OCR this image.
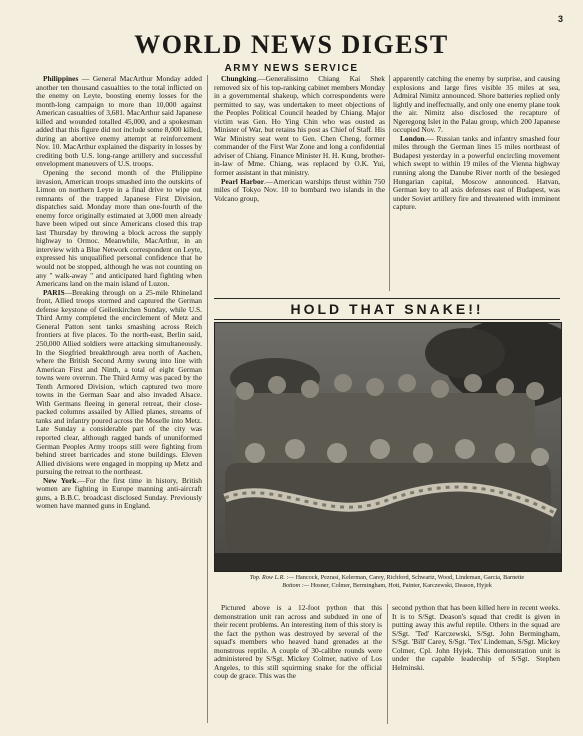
3
WORLD NEWS DIGEST
ARMY NEWS SERVICE

Philippines — General MacArthur Monday added another ten thousand casualties to the total inflicted on the enemy on Leyte, boosting enemy losses for the month-long campaign to more than 10,000 against American casualties of 3,681. MacArthur said Japanese killed and wounded totalled 45,000, and a spokesman added that this figure did not include some 8,000 killed, during an abortive enemy attempt at reinforcement Nov. 10. MacArthur explained the disparity in losses by crediting both U.S. long-range artillery and successful envelopment maneuvers of U.S. troops.

Opening the second month of the Philippine invasion, American troops smashed into the outskirts of Limon on northern Leyte in a final drive to wipe out remnants of the trapped Japanese First Division, dispatches said. Monday more than one-fourth of the enemy force originally estimated at 3,000 men already have been wiped out since Americans closed this trap last Thursday by throwing a block across the supply highway to Ormoc. Meanwhile, MacArthur, in an interview with a Blue Network correspondent on Leyte, expressed his unqualified personal confidence that he would not be stopped, although he was not counting on any " walk-away " and anticipated hard fighting when Americans land on the main island of Luzon.

PARIS—Breaking through on a 25-mile Rhineland front, Allied troops stormed and captured the German defense keystone of Geilenkirchen Sunday, while U.S. Third Army completed the encirclement of Metz and General Patton sent tanks smashing across Reich frontiers at five places. To the north-east, Berlin said, 250,000 Allied soldiers were attacking simultaneously. In the Siegfried breakthrough area north of Aachen, where the British Second Army swung into line with American First and Ninth, a total of eight German towns were overrun. The Third Army was paced by the Tenth Armored Division, which captured two more towns in the German Saar and also invaded Alsace. With Germans fleeing in general retreat, their close-packed columns assailed by Allied planes, streams of tanks and infantry poured across the Moselle into Metz. Late Sunday a considerable part of the city was reported clear, although ragged bands of ununiformed German Peoples Army troops still were fighting from behind street barricades and stone buildings. Eleven Allied divisions were engaged in mopping up Metz and pursuing the retreat to the northeast.

New York.—For the first time in history, British women are fighting in Europe manning anti-aircraft guns, a B.B.C. broadcast disclosed Sunday. Previously women have manned guns in England.

Chungking.—Generalissimo Chiang Kai Shek removed six of his top-ranking cabinet members Monday in a governmental shakeup, which correspondents were permitted to say, was undertaken to meet objections of the Peoples Political Council headed by Chiang. Major victim was Gen. Ho Ying Chin who was ousted as Minister of War, but retains his post as Chief of Staff. His War Ministry seat went to Gen. Chen Cheng, former commander of the First War Zone and long a confidential adviser of Chiang. Finance Minister H. H. Kung, brother-in-law of Mme. Chiang, was replaced by O.K. Yui, former assistant in that ministry.

Pearl Harbor.—American warships thrust within 750 miles of Tokyo Nov. 10 to bombard two islands in the Volcano group,

apparently catching the enemy by surprise, and causing explosions and large fires visible 35 miles at sea, Admiral Nimitz announced. Shore batteries replied only lightly and ineffectually, and only one enemy plane took the air. Nimitz also disclosed the recapture of Ngeregong Islet in the Palau group, which 200 Japanese occupied Nov. 7.

London.— Russian tanks and infantry smashed four miles through the German lines 15 miles northeast of Budapest yesterday in a powerful encircling movement which swept to within 19 miles of the Vienna highway running along the Danube River north of the besieged Hungarian capital, Moscow announced. Hatvan, German key to all axis defenses east of Budapest, was under Soviet artillery fire and threatened with imminent capture.

HOLD THAT SNAKE!!
Top. Row L.R. :— Hancock, Pezrasi, Kelerman, Carey, Richford, Schwartz, Wood, Lindeman, Garcia, Barnette
Bottom :— Hosner, Colmer, Bermingham, Hott, Painter, Karczewski, Deason, Hyjek

Pictured above is a 12-foot python that this demonstration unit ran across and subdued in one of their recent problems. An interesting item of this story is the fact the python was destroyed by several of the squad's members who heaved hand grenades at the monstrous reptile. A couple of 30-calibre rounds were administered by S/Sgt. Mickey Colmer, native of Los Angeles, to this still squirming snake for the official coup de grace. This was the

second python that has been killed here in recent weeks. It is to S/Sgt. Deason's squad that credit is given in putting away this awful reptile. Others in the squad are S/Sgt. 'Ted' Karczewski, S/Sgt. John Bermingham, S/Sgt. 'Bill' Carey, S/Sgt. 'Tex' Lindeman, S/Sgt. Mickey Colmer, Cpl. John Hyjek. This demonstration unit is under the capable leadership of S/Sgt. Stephen Helminski.
